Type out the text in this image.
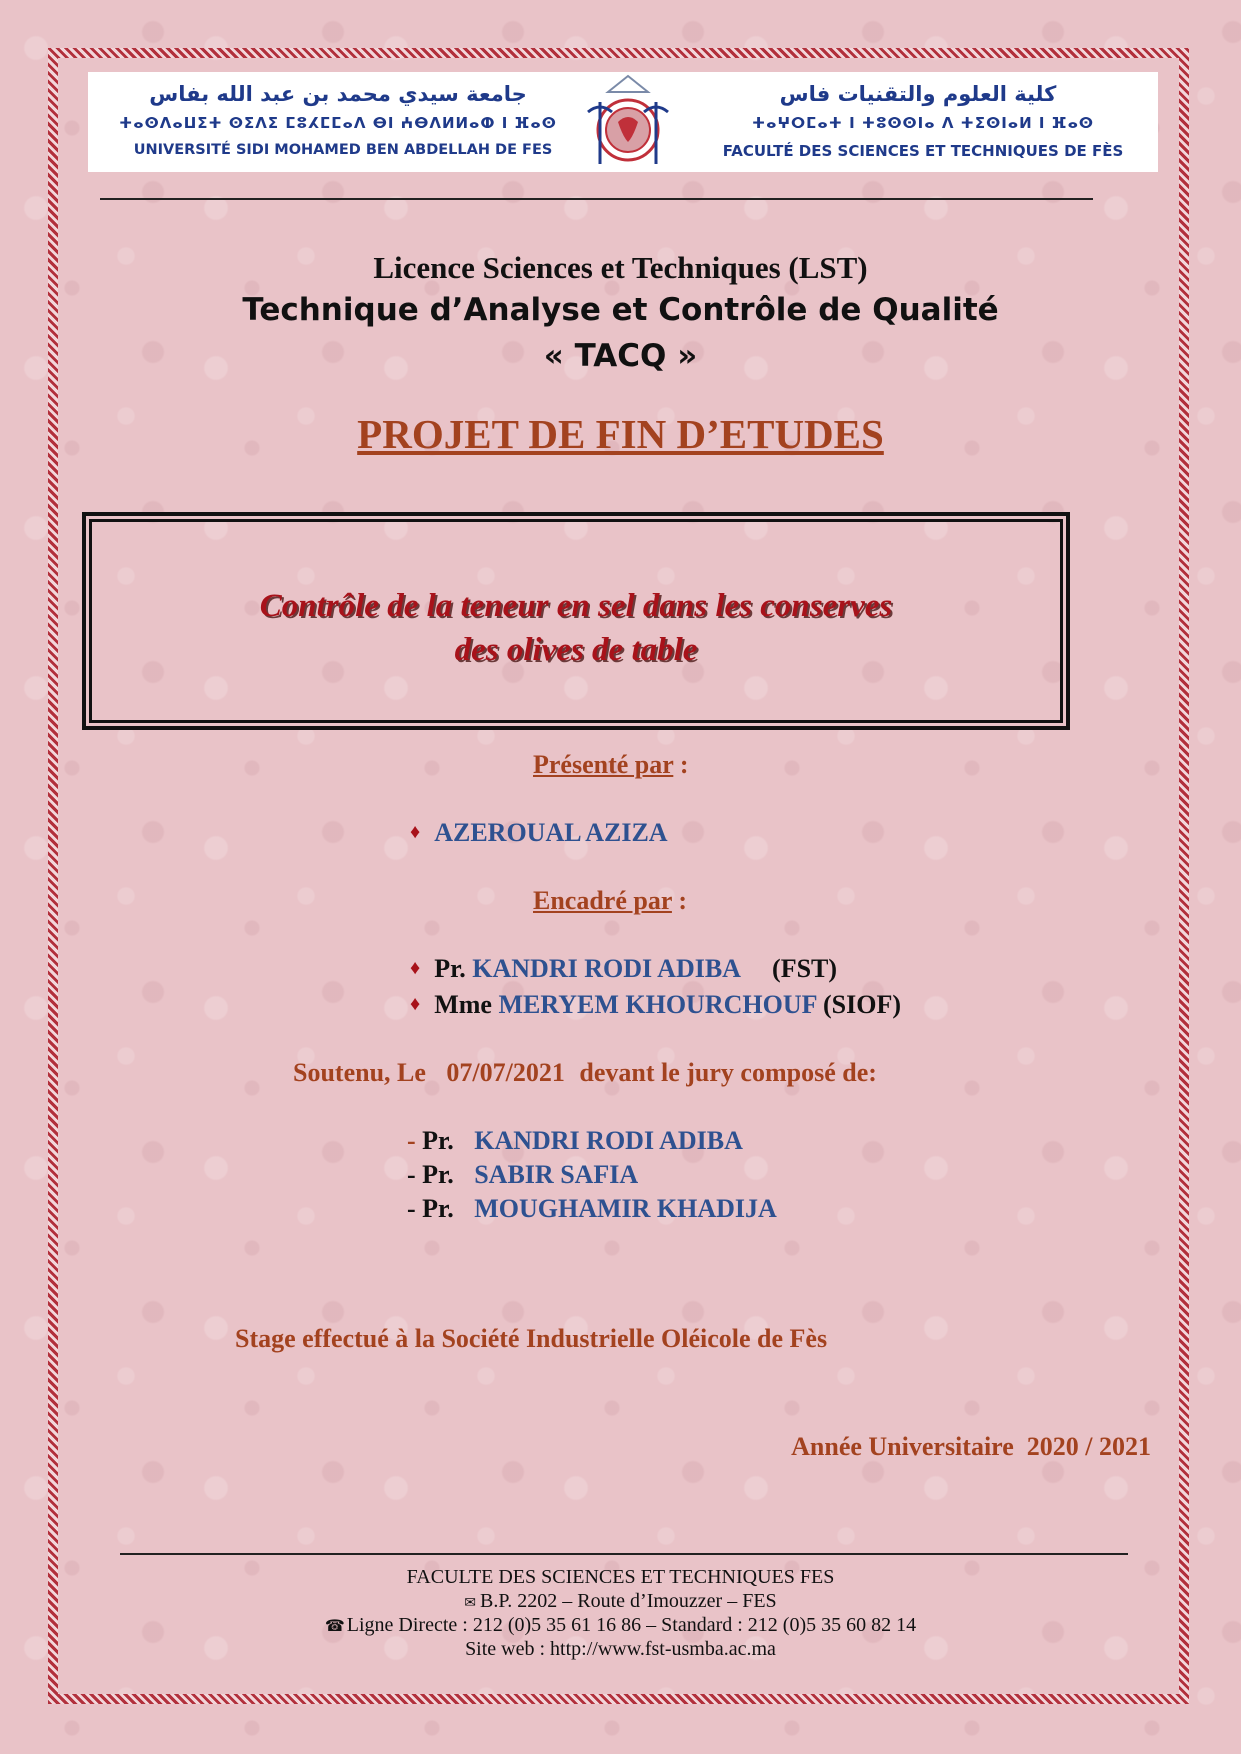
جامعة سيدي محمد بن عبد الله بفاس
ⵜⴰⵙⴷⴰⵡⵉⵜ ⵙⵉⴷⵉ ⵎⵓⵃⵎⵎⴰⴷ ⴱⵏ ⵄⴱⴷⵍⵍⴰⵀ ⵏ ⴼⴰⵙ
UNIVERSITÉ SIDI MOHAMED BEN ABDELLAH DE FES
كلية العلوم والتقنيات فاس
ⵜⴰⵖⵔⵎⴰⵜ ⵏ ⵜⵓⵙⵙⵏⴰ ⴷ ⵜⵉⵙⵏⴰⵍ ⵏ ⴼⴰⵙ
FACULTÉ DES SCIENCES ET TECHNIQUES DE FÈS
Licence Sciences et Techniques (LST)
Technique d’Analyse et Contrôle de Qualité
« TACQ »
PROJET DE FIN D’ETUDES
Contrôle de la teneur en sel dans les conserves
des olives de table
Présenté par :
♦ AZEROUAL AZIZA
Encadré par :
♦ Pr. KANDRI RODI ADIBA (FST)
♦ Mme MERYEM KHOURCHOUF (SIOF)
Soutenu, Le 07/07/2021 devant le jury composé de:
- Pr. KANDRI RODI ADIBA
- Pr. SABIR SAFIA
- Pr. MOUGHAMIR KHADIJA
Stage effectué à la Société Industrielle Oléicole de Fès
Année Universitaire  2020 / 2021
FACULTE DES SCIENCES ET TECHNIQUES FES
✉ B.P. 2202 – Route d’Imouzzer – FES
☎ Ligne Directe : 212 (0)5 35 61 16 86 – Standard : 212 (0)5 35 60 82 14
Site web : http://www.fst-usmba.ac.ma
